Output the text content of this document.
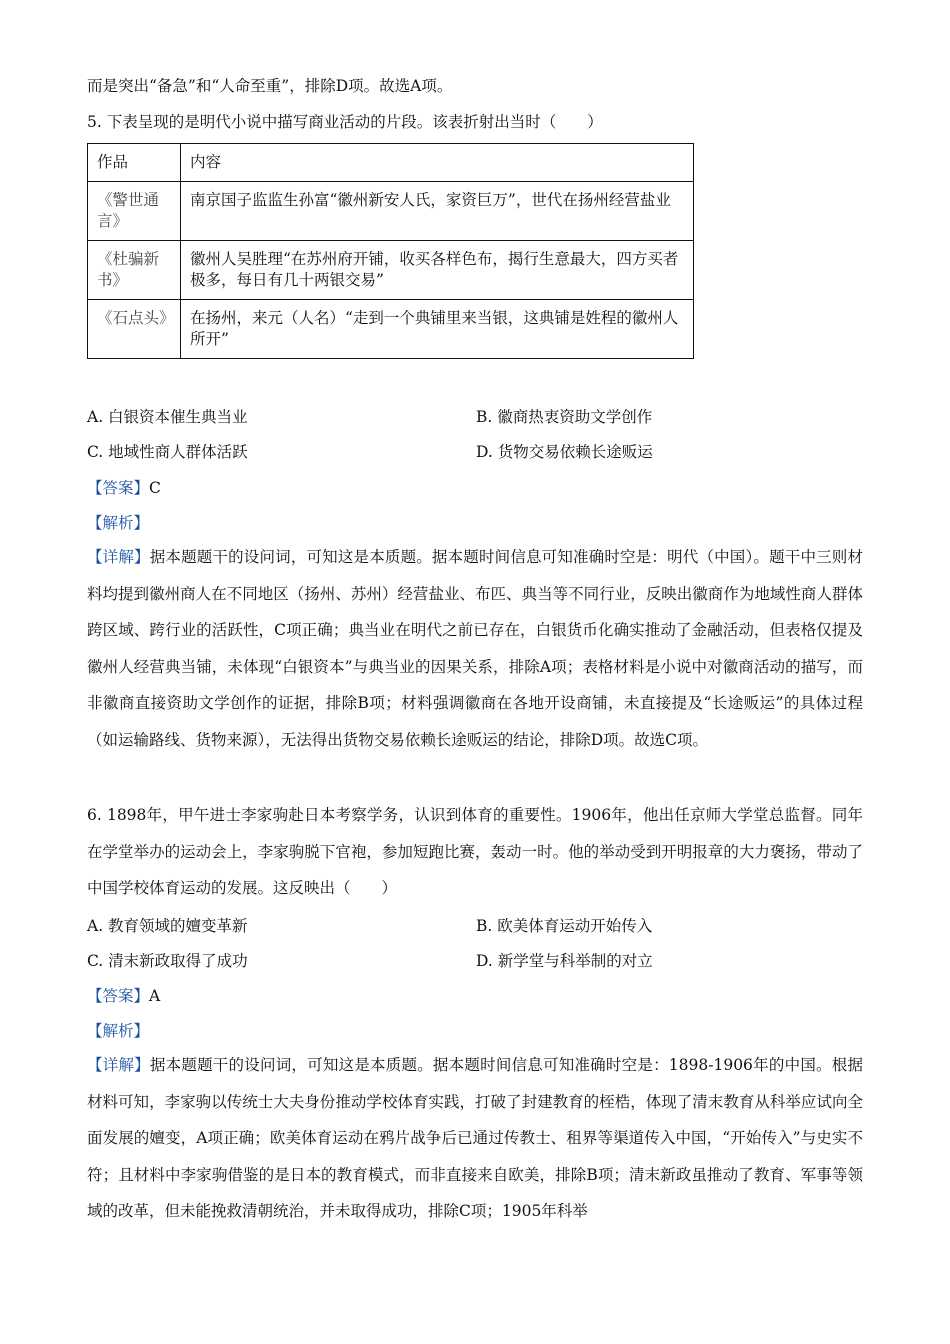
而是突出“备急”和“人命至重”，排除D项。故选A项。
5. 下表呈现的是明代小说中描写商业活动的片段。该表折射出当时（　　）
作品	内容
《警世通言》	南京国子监监生孙富“徽州新安人氏，家资巨万”，世代在扬州经营盐业
《杜骗新书》	徽州人吴胜理“在苏州府开铺，收买各样色布，揭行生意最大，四方买者极多，每日有几十两银交易”
《石点头》	在扬州，来元（人名）“走到一个典铺里来当银，这典铺是姓程的徽州人所开”
A. 白银资本催生典当业	B. 徽商热衷资助文学创作
C. 地域性商人群体活跃	D. 货物交易依赖长途贩运
【答案】C
【解析】

【详解】据本题题干的设问词，可知这是本质题。据本题时间信息可知准确时空是：明代（中国）。题干中三则材料均提到徽州商人在不同地区（扬州、苏州）经营盐业、布匹、典当等不同行业，反映出徽商作为地域性商人群体跨区域、跨行业的活跃性，C项正确；典当业在明代之前已存在，白银货币化确实推动了金融活动，但表格仅提及徽州人经营典当铺，未体现“白银资本”与典当业的因果关系，排除A项；表格材料是小说中对徽商活动的描写，而非徽商直接资助文学创作的证据，排除B项；材料强调徽商在各地开设商铺，未直接提及“长途贩运”的具体过程（如运输路线、货物来源），无法得出货物交易依赖长途贩运的结论，排除D项。故选C项。

6. 1898年，甲午进士李家驹赴日本考察学务，认识到体育的重要性。1906年，他出任京师大学堂总监督。同年在学堂举办的运动会上，李家驹脱下官袍，参加短跑比赛，轰动一时。他的举动受到开明报章的大力褒扬，带动了中国学校体育运动的发展。这反映出（　　）

A. 教育领域的嬗变革新	B. 欧美体育运动开始传入
C. 清末新政取得了成功	D. 新学堂与科举制的对立
【答案】A
【解析】

【详解】据本题题干的设问词，可知这是本质题。据本题时间信息可知准确时空是：1898-1906年的中国。根据材料可知，李家驹以传统士大夫身份推动学校体育实践，打破了封建教育的桎梏，体现了清末教育从科举应试向全面发展的嬗变，A项正确；欧美体育运动在鸦片战争后已通过传教士、租界等渠道传入中国，“开始传入”与史实不符；且材料中李家驹借鉴的是日本的教育模式，而非直接来自欧美，排除B项；清末新政虽推动了教育、军事等领域的改革，但未能挽救清朝统治，并未取得成功，排除C项；1905年科举
